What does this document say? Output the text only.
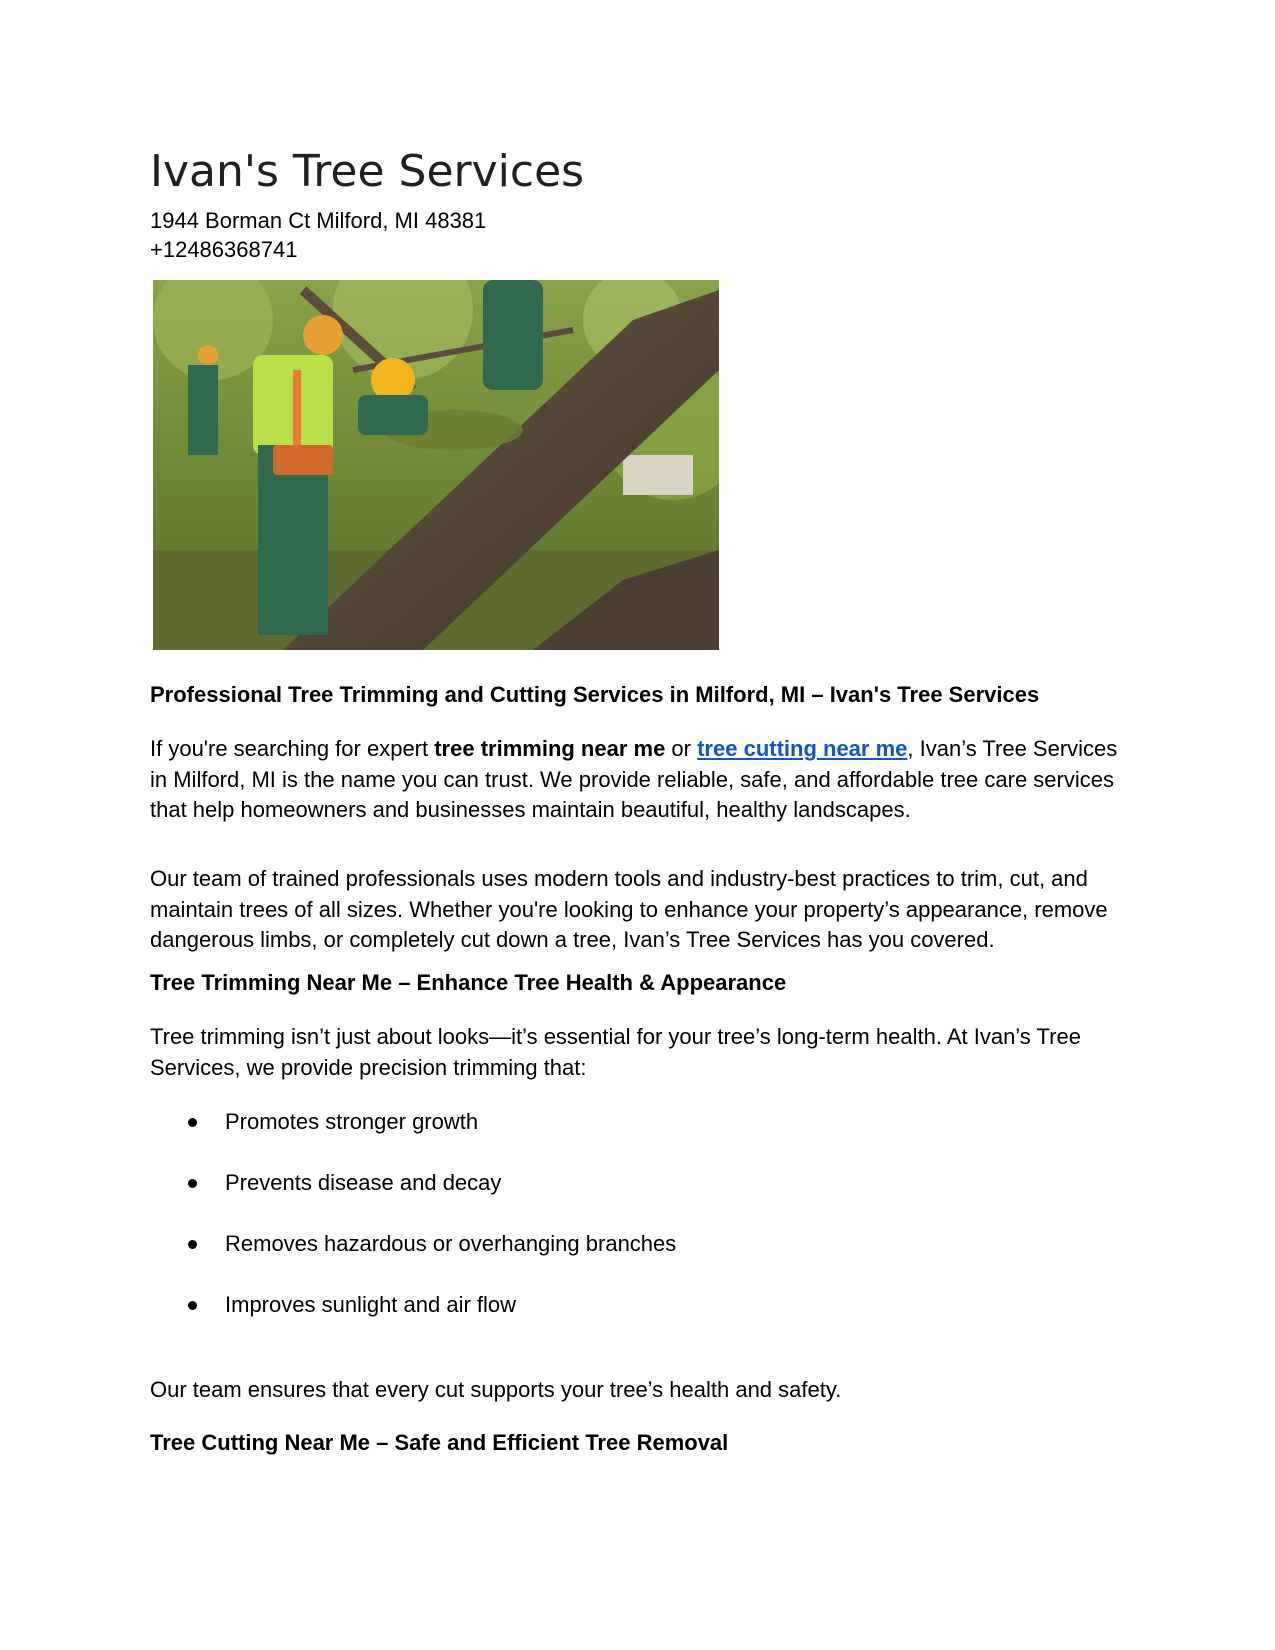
Ivan's Tree Services
1944 Borman Ct Milford, MI 48381
+12486368741
Professional Tree Trimming and Cutting Services in Milford, MI – Ivan's Tree Services

If you're searching for expert tree trimming near me or tree cutting near me, Ivan’s Tree Services in Milford, MI is the name you can trust. We provide reliable, safe, and affordable tree care services that help homeowners and businesses maintain beautiful, healthy landscapes.

Our team of trained professionals uses modern tools and industry-best practices to trim, cut, and maintain trees of all sizes. Whether you're looking to enhance your property’s appearance, remove dangerous limbs, or completely cut down a tree, Ivan’s Tree Services has you covered.

Tree Trimming Near Me – Enhance Tree Health & Appearance

Tree trimming isn’t just about looks—it’s essential for your tree’s long-term health. At Ivan’s Tree Services, we provide precision trimming that:

Promotes stronger growth
Prevents disease and decay
Removes hazardous or overhanging branches
Improves sunlight and air flow

Our team ensures that every cut supports your tree’s health and safety.

Tree Cutting Near Me – Safe and Efficient Tree Removal
